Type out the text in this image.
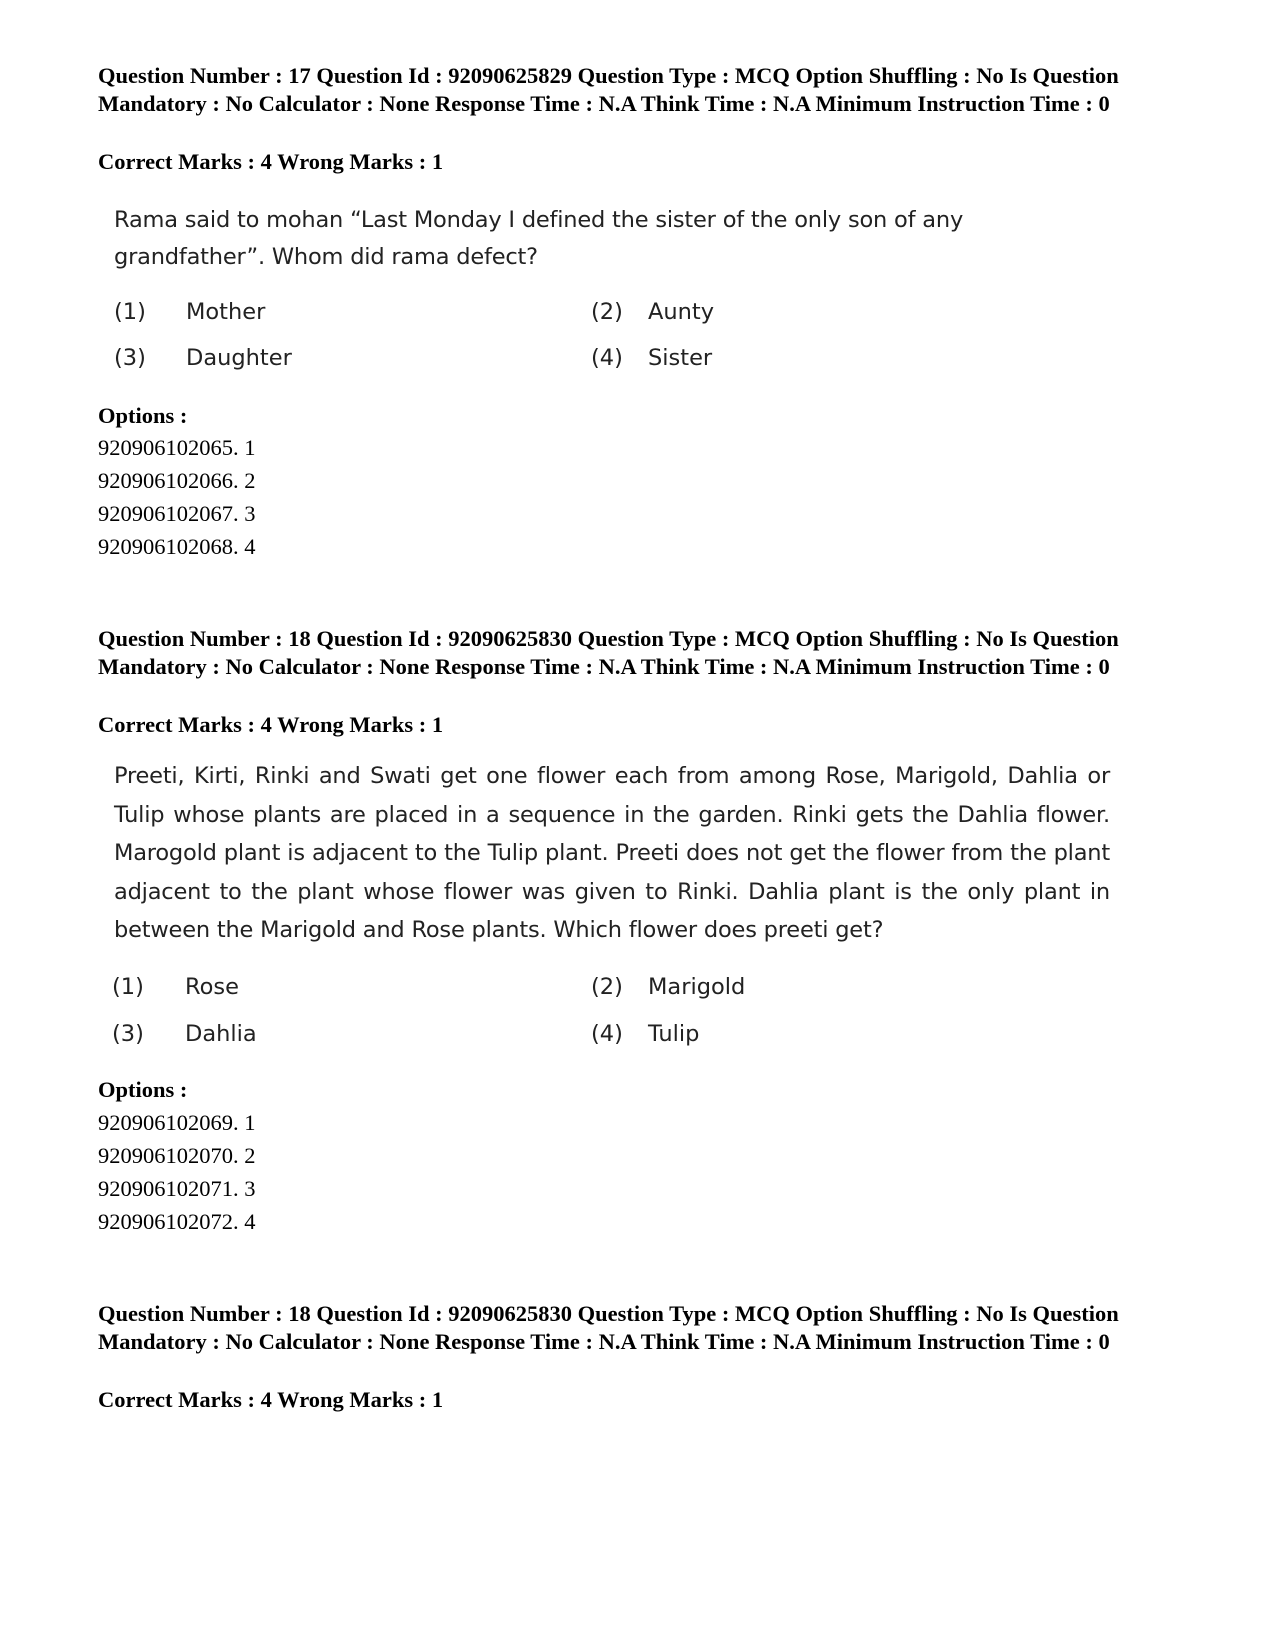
Question Number : 17 Question Id : 92090625829 Question Type : MCQ Option Shuffling : No Is Question Mandatory : No Calculator : None Response Time : N.A Think Time : N.A Minimum Instruction Time : 0
Correct Marks : 4 Wrong Marks : 1
Rama said to mohan “Last Monday I defined the sister of the only son of any grandfather”. Whom did rama defect?
(1) Mother	(2) Aunty
(3) Daughter	(4) Sister
Options :
920906102065. 1
920906102066. 2
920906102067. 3
920906102068. 4
Question Number : 18 Question Id : 92090625830 Question Type : MCQ Option Shuffling : No Is Question Mandatory : No Calculator : None Response Time : N.A Think Time : N.A Minimum Instruction Time : 0
Correct Marks : 4 Wrong Marks : 1
Preeti, Kirti, Rinki and Swati get one flower each from among Rose, Marigold, Dahlia or Tulip whose plants are placed in a sequence in the garden. Rinki gets the Dahlia flower. Marogold plant is adjacent to the Tulip plant. Preeti does not get the flower from the plant adjacent to the plant whose flower was given to Rinki. Dahlia plant is the only plant in between the Marigold and Rose plants. Which flower does preeti get?
(1) Rose	(2) Marigold
(3) Dahlia	(4) Tulip
Options :
920906102069. 1
920906102070. 2
920906102071. 3
920906102072. 4
Question Number : 18 Question Id : 92090625830 Question Type : MCQ Option Shuffling : No Is Question Mandatory : No Calculator : None Response Time : N.A Think Time : N.A Minimum Instruction Time : 0
Correct Marks : 4 Wrong Marks : 1
